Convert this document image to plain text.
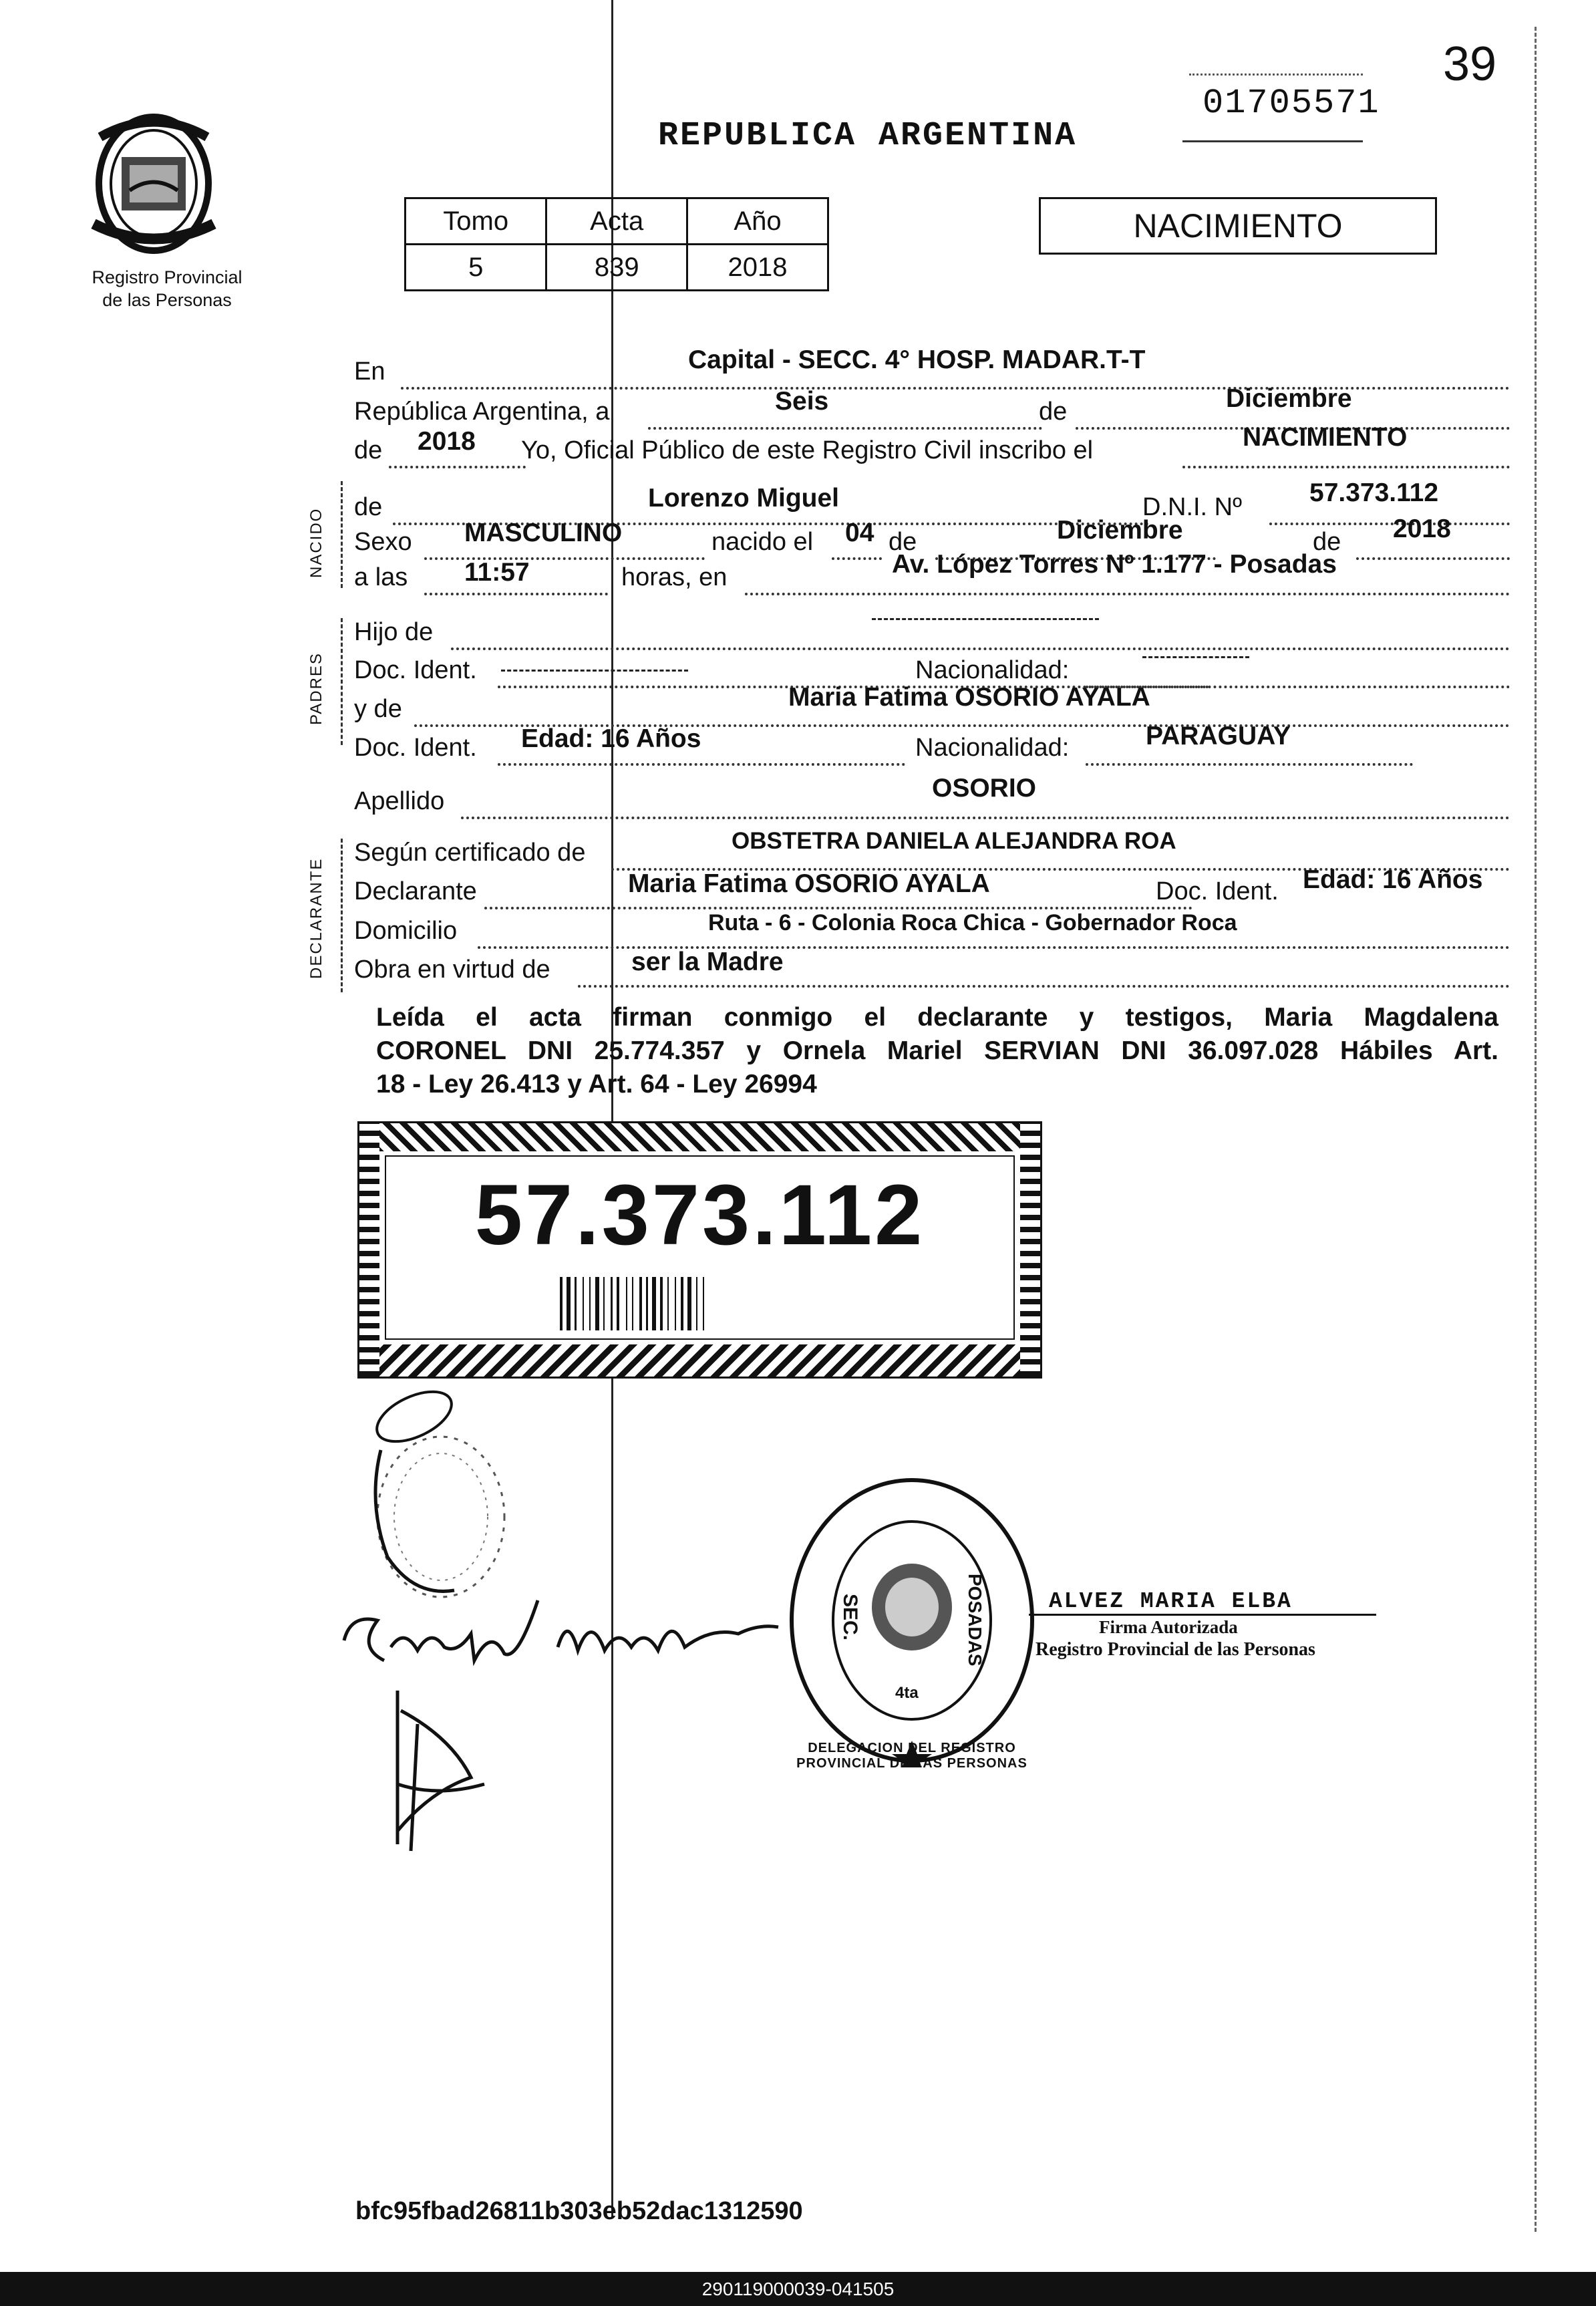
39
01705571
Registro Provincial
de las Personas
REPUBLICA ARGENTINA
Tomo	Acta	Año
5	839	2018
NACIMIENTO
En	Capital - SECC. 4° HOSP. MADAR.T-T
República Argentina, a	Seis	de	Diciembre
de 2018 Yo, Oficial Público de este Registro Civil inscribo el	NACIMIENTO
NACIDO
de	Lorenzo Miguel	D.N.I. Nº	57.373.112
Sexo MASCULINO	nacido el 04 de	Diciembre	de 2018
a las 11:57	horas, en	Av. López Torres Nº 1.177 - Posadas
PADRES
Hijo de
Doc. Ident.	Nacionalidad:
y de	Maria Fatima OSORIO AYALA
Doc. Ident. Edad: 16 Años	Nacionalidad:	PARAGUAY
Apellido	OSORIO
DECLARANTE
Según certificado de	OBSTETRA DANIELA ALEJANDRA ROA
Declarante	Maria Fatima OSORIO AYALA	Doc. Ident. Edad: 16 Años
Domicilio	Ruta - 6 - Colonia Roca Chica - Gobernador Roca
Obra en virtud de	ser la Madre
Leída el acta firman conmigo el declarante y testigos, Maria Magdalena
CORONEL DNI 25.774.357 y Ornela Mariel SERVIAN DNI 36.097.028 Hábiles Art.
18 - Ley 26.413 y Art. 64 - Ley 26994
57.373.112
DELEGACION DEL REGISTRO PROVINCIAL DE LAS PERSONAS
SEC.	POSADAS
4ta
ALVEZ MARIA ELBA
Firma Autorizada
Registro Provincial de las Personas
bfc95fbad26811b303eb52dac1312590
290119000039-041505
